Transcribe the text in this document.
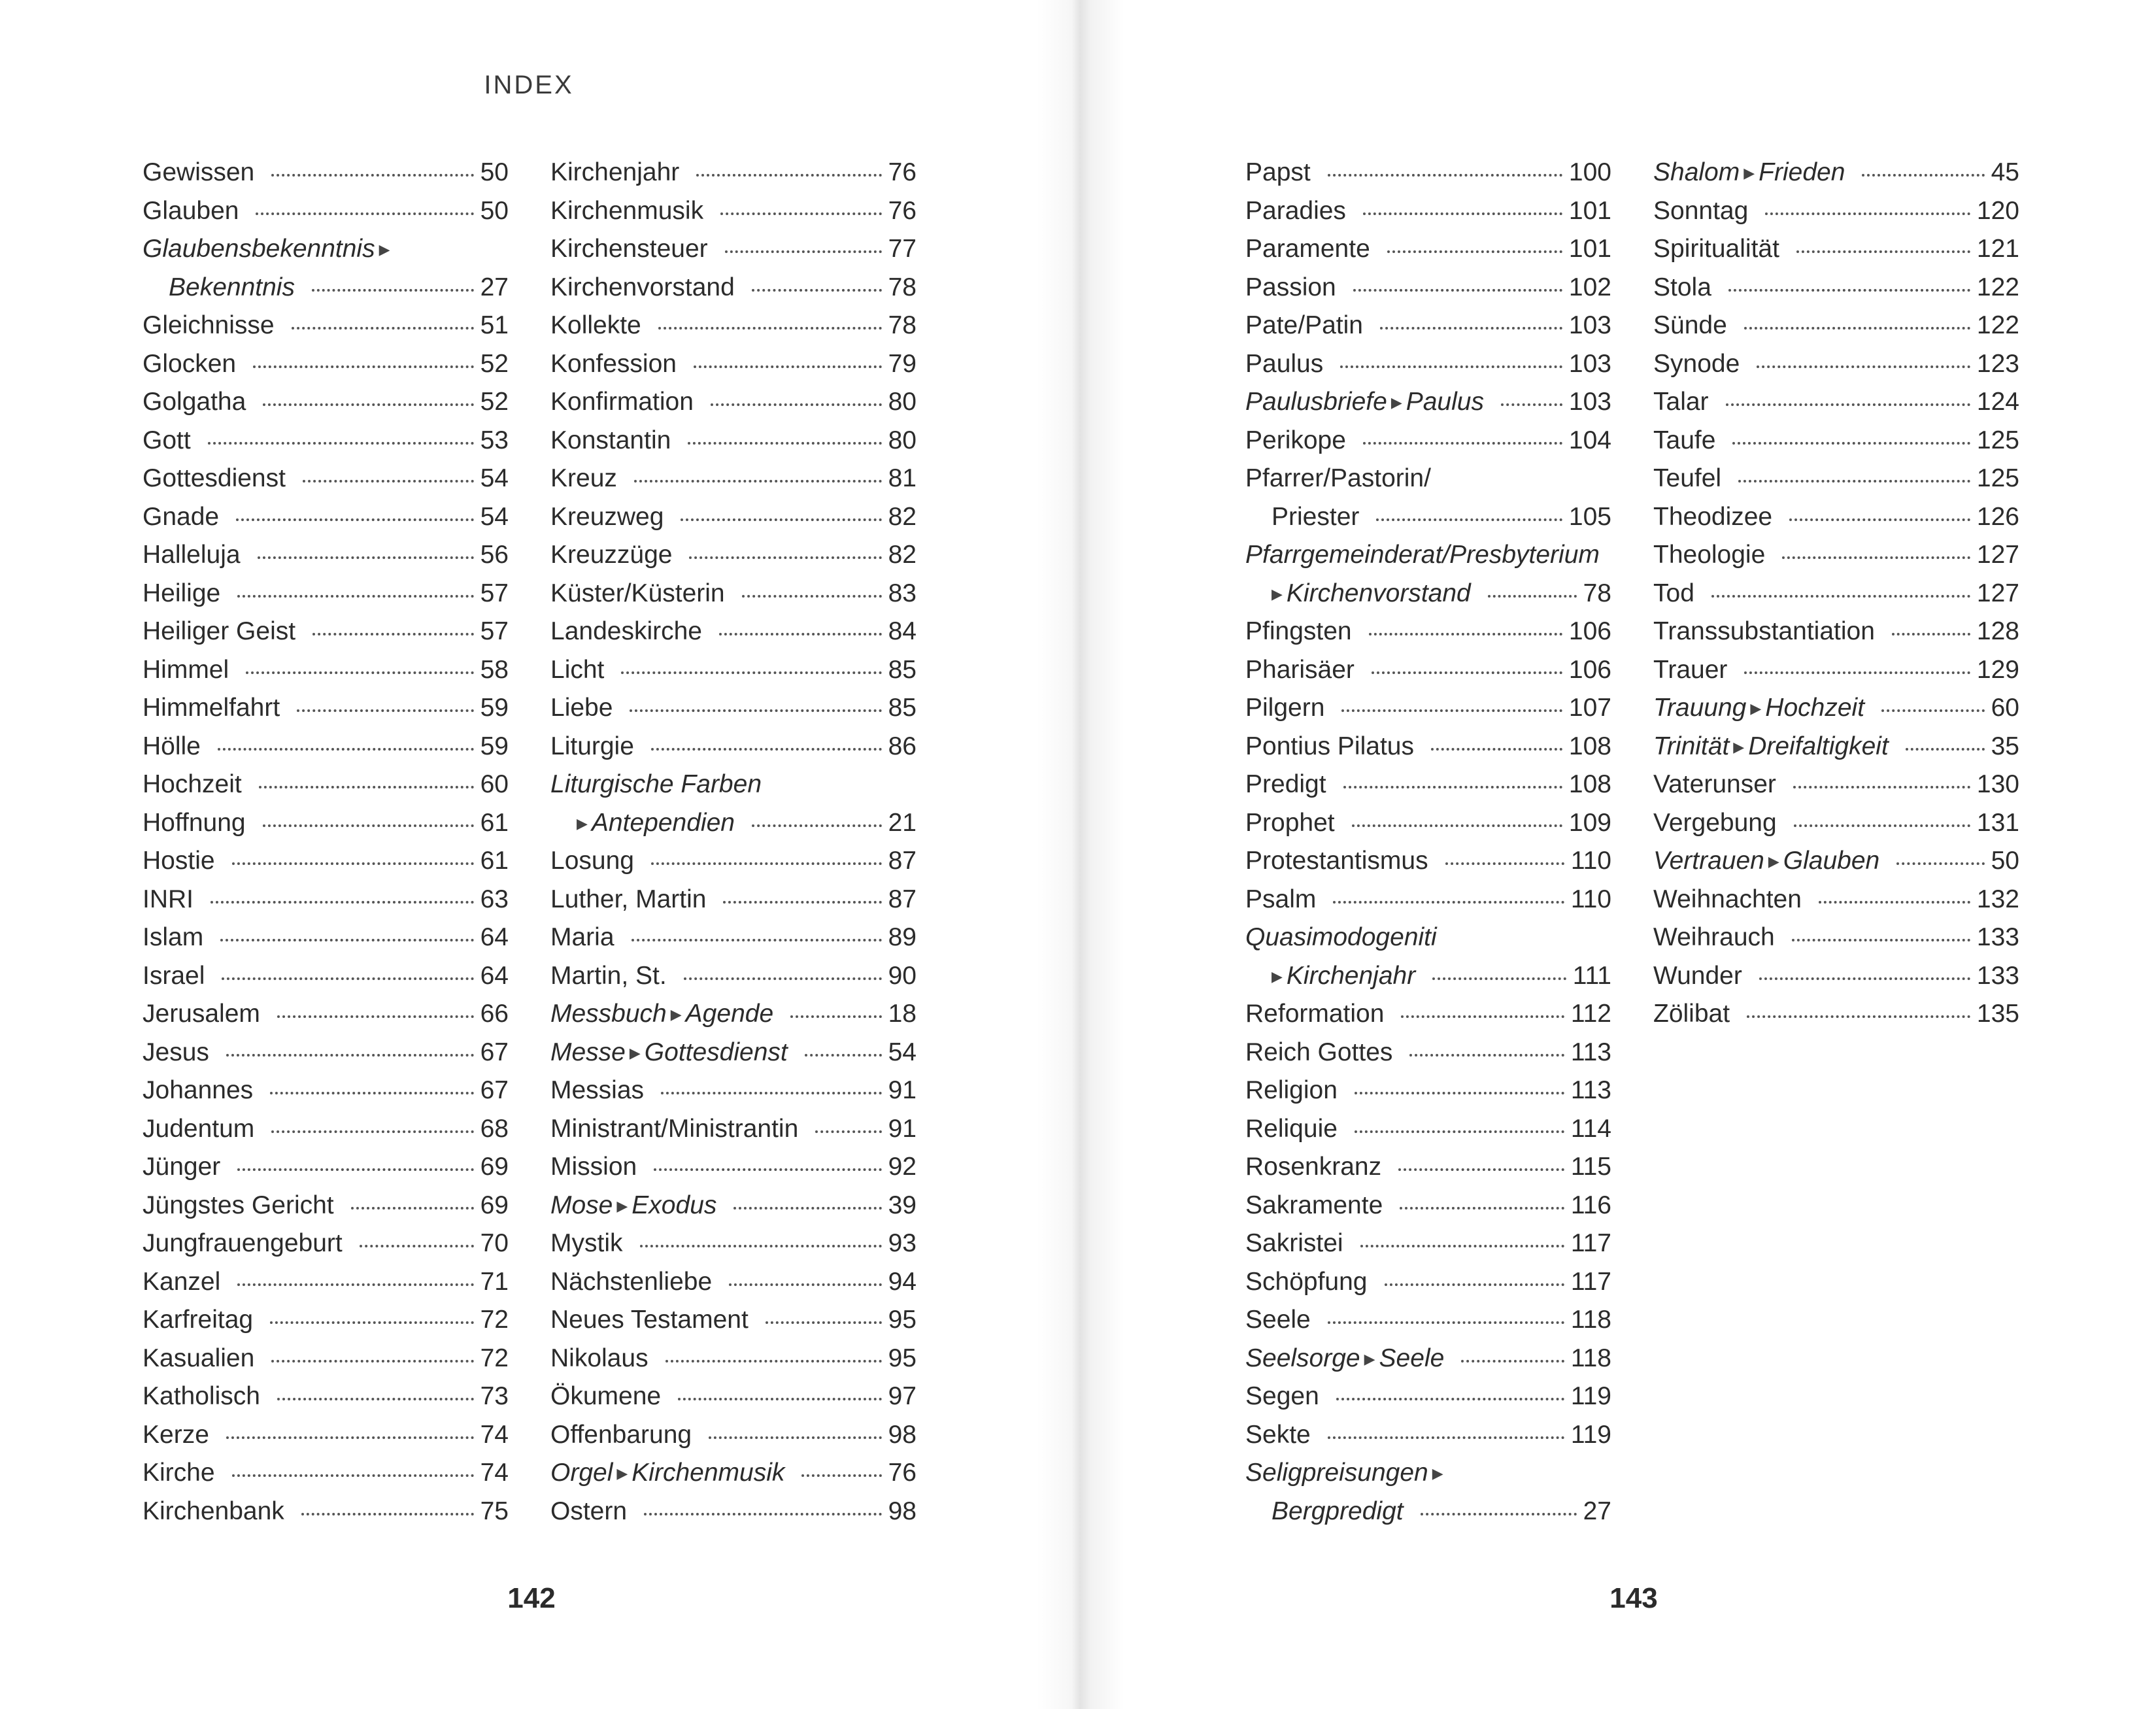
INDEX
Gewissen	50
Glauben	50
Glaubensbekenntnis ▶
Bekenntnis	27
Gleichnisse	51
Glocken	52
Golgatha	52
Gott	53
Gottesdienst	54
Gnade	54
Halleluja	56
Heilige	57
Heiliger Geist	57
Himmel	58
Himmelfahrt	59
Hölle	59
Hochzeit	60
Hoffnung	61
Hostie	61
INRI	63
Islam	64
Israel	64
Jerusalem	66
Jesus	67
Johannes	67
Judentum	68
Jünger	69
Jüngstes Gericht	69
Jungfrauengeburt	70
Kanzel	71
Karfreitag	72
Kasualien	72
Katholisch	73
Kerze	74
Kirche	74
Kirchenbank	75
Kirchenjahr	76
Kirchenmusik	76
Kirchensteuer	77
Kirchenvorstand	78
Kollekte	78
Konfession	79
Konfirmation	80
Konstantin	80
Kreuz	81
Kreuzweg	82
Kreuzzüge	82
Küster/Küsterin	83
Landeskirche	84
Licht	85
Liebe	85
Liturgie	86
Liturgische Farben
▶ Antependien	21
Losung	87
Luther, Martin	87
Maria	89
Martin, St.	90
Messbuch ▶ Agende	18
Messe ▶ Gottesdienst	54
Messias	91
Ministrant/Ministrantin	91
Mission	92
Mose ▶ Exodus	39
Mystik	93
Nächstenliebe	94
Neues Testament	95
Nikolaus	95
Ökumene	97
Offenbarung	98
Orgel ▶ Kirchenmusik	76
Ostern	98
142
Papst	100
Paradies	101
Paramente	101
Passion	102
Pate/Patin	103
Paulus	103
Paulusbriefe ▶ Paulus	103
Perikope	104
Pfarrer/Pastorin/
Priester	105
Pfarrgemeinderat/Presbyterium
▶ Kirchenvorstand	78
Pfingsten	106
Pharisäer	106
Pilgern	107
Pontius Pilatus	108
Predigt	108
Prophet	109
Protestantismus	110
Psalm	110
Quasimodogeniti
▶ Kirchenjahr	111
Reformation	112
Reich Gottes	113
Religion	113
Reliquie	114
Rosenkranz	115
Sakramente	116
Sakristei	117
Schöpfung	117
Seele	118
Seelsorge ▶ Seele	118
Segen	119
Sekte	119
Seligpreisungen ▶
Bergpredigt	27
Shalom ▶ Frieden	45
Sonntag	120
Spiritualität	121
Stola	122
Sünde	122
Synode	123
Talar	124
Taufe	125
Teufel	125
Theodizee	126
Theologie	127
Tod	127
Transsubstantiation	128
Trauer	129
Trauung ▶ Hochzeit	60
Trinität ▶ Dreifaltigkeit	35
Vaterunser	130
Vergebung	131
Vertrauen ▶ Glauben	50
Weihnachten	132
Weihrauch	133
Wunder	133
Zölibat	135
143
